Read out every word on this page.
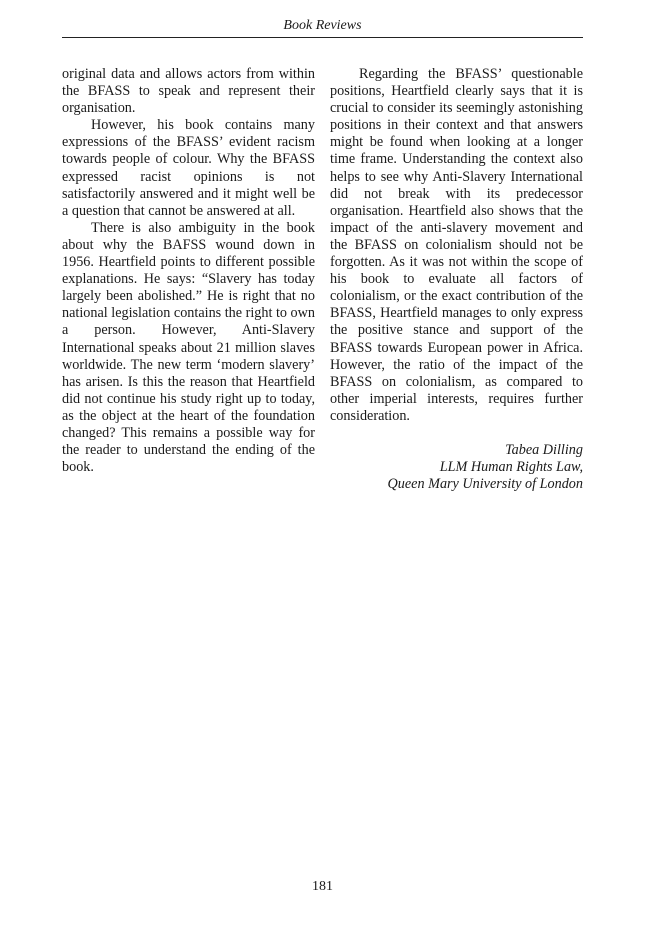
Book Reviews

original data and allows actors from within the BFASS to speak and represent their organisation.

However, his book contains many expressions of the BFASS’ evident racism towards people of colour. Why the BFASS expressed racist opinions is not satisfactorily answered and it might well be a question that cannot be answered at all.

There is also ambiguity in the book about why the BAFSS wound down in 1956. Heartfield points to different possible explanations. He says: “Slavery has today largely been abolished.” He is right that no national legislation contains the right to own a person. However, Anti-Slavery International speaks about 21 million slaves worldwide. The new term ‘modern slavery’ has arisen. Is this the reason that Heartfield did not continue his study right up to today, as the object at the heart of the foundation changed? This remains a possible way for the reader to understand the ending of the book.

Regarding the BFASS’ questionable positions, Heartfield clearly says that it is crucial to consider its seemingly astonishing positions in their context and that answers might be found when looking at a longer time frame. Understanding the context also helps to see why Anti-Slavery International did not break with its predecessor organisation. Heartfield also shows that the impact of the anti-slavery movement and the BFASS on colonialism should not be forgotten. As it was not within the scope of his book to evaluate all factors of colonialism, or the exact contribution of the BFASS, Heartfield manages to only express the positive stance and support of the BFASS towards European power in Africa. However, the ratio of the impact of the BFASS on colonialism, as compared to other imperial interests, requires further consideration.

Tabea Dilling
LLM Human Rights Law,
Queen Mary University of London
181
